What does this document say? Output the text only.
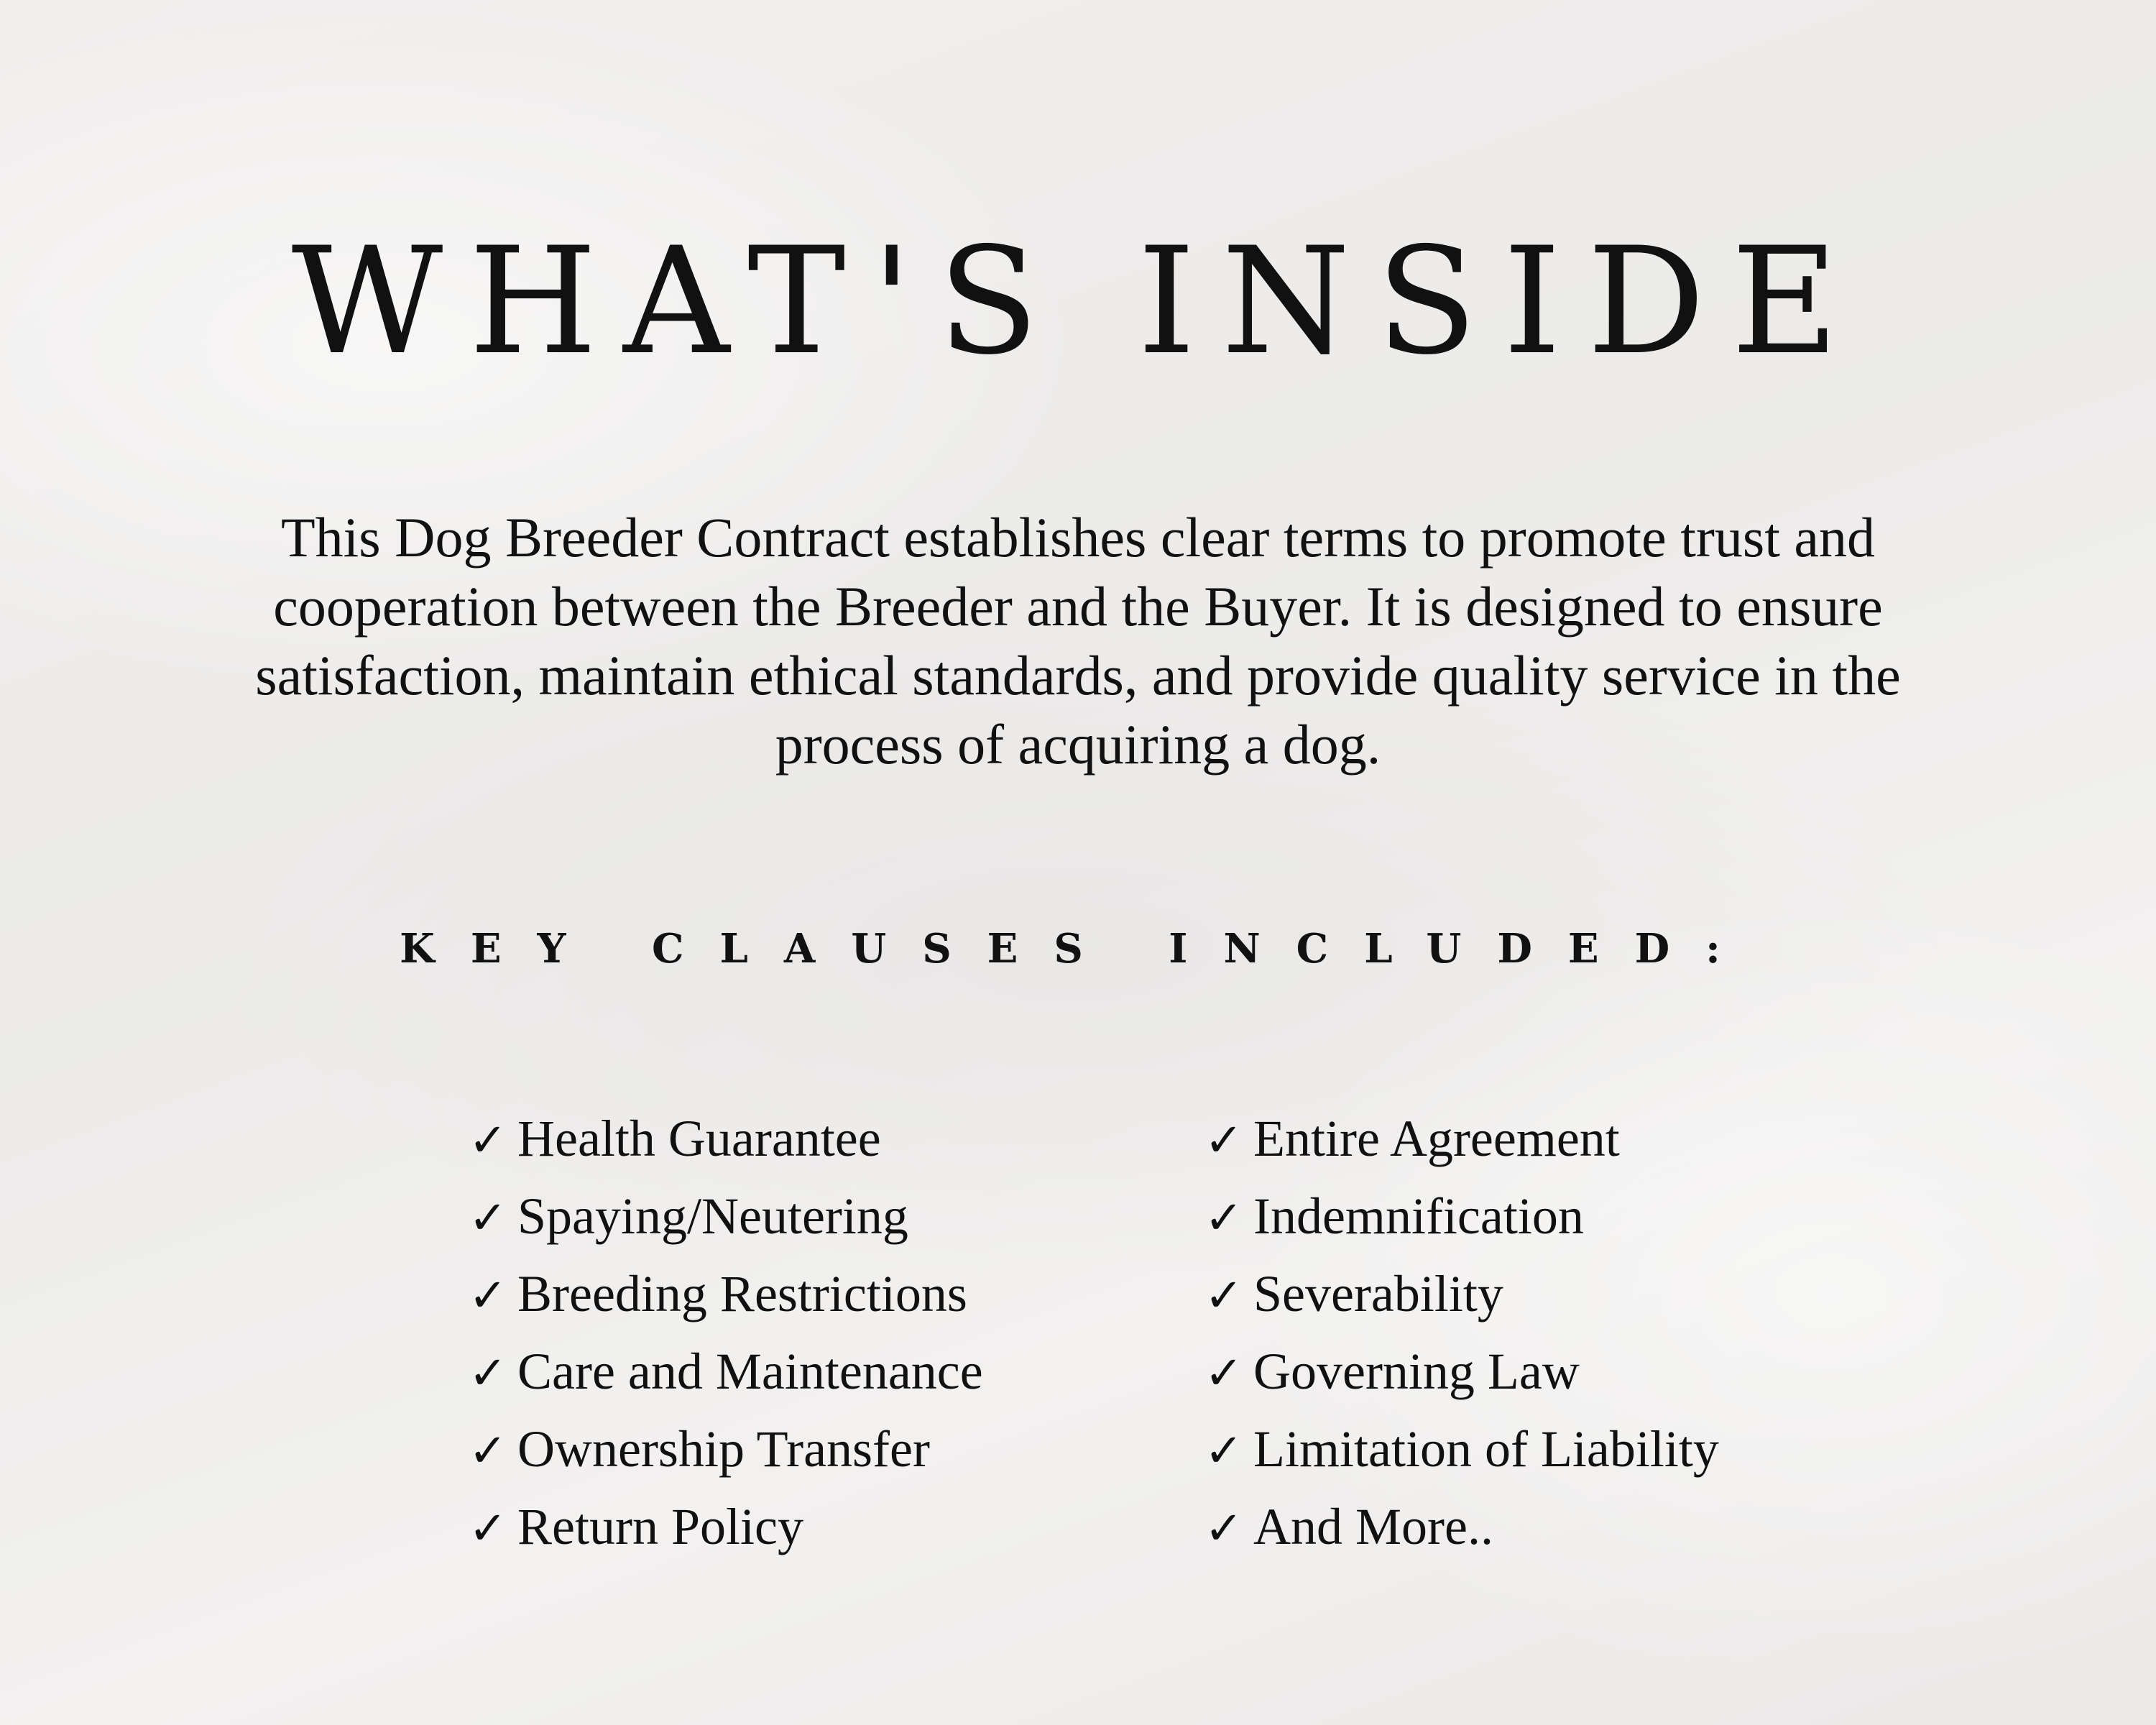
WHAT'S INSIDE

This Dog Breeder Contract establishes clear terms to promote trust and cooperation between the Breeder and the Buyer. It is designed to ensure satisfaction, maintain ethical standards, and provide quality service in the process of acquiring a dog.

KEY CLAUSES INCLUDED:
✓ Health Guarantee
✓ Spaying/Neutering
✓ Breeding Restrictions
✓ Care and Maintenance
✓ Ownership Transfer
✓ Return Policy
✓ Entire Agreement
✓ Indemnification
✓ Severability
✓ Governing Law
✓ Limitation of Liability
✓ And More..
